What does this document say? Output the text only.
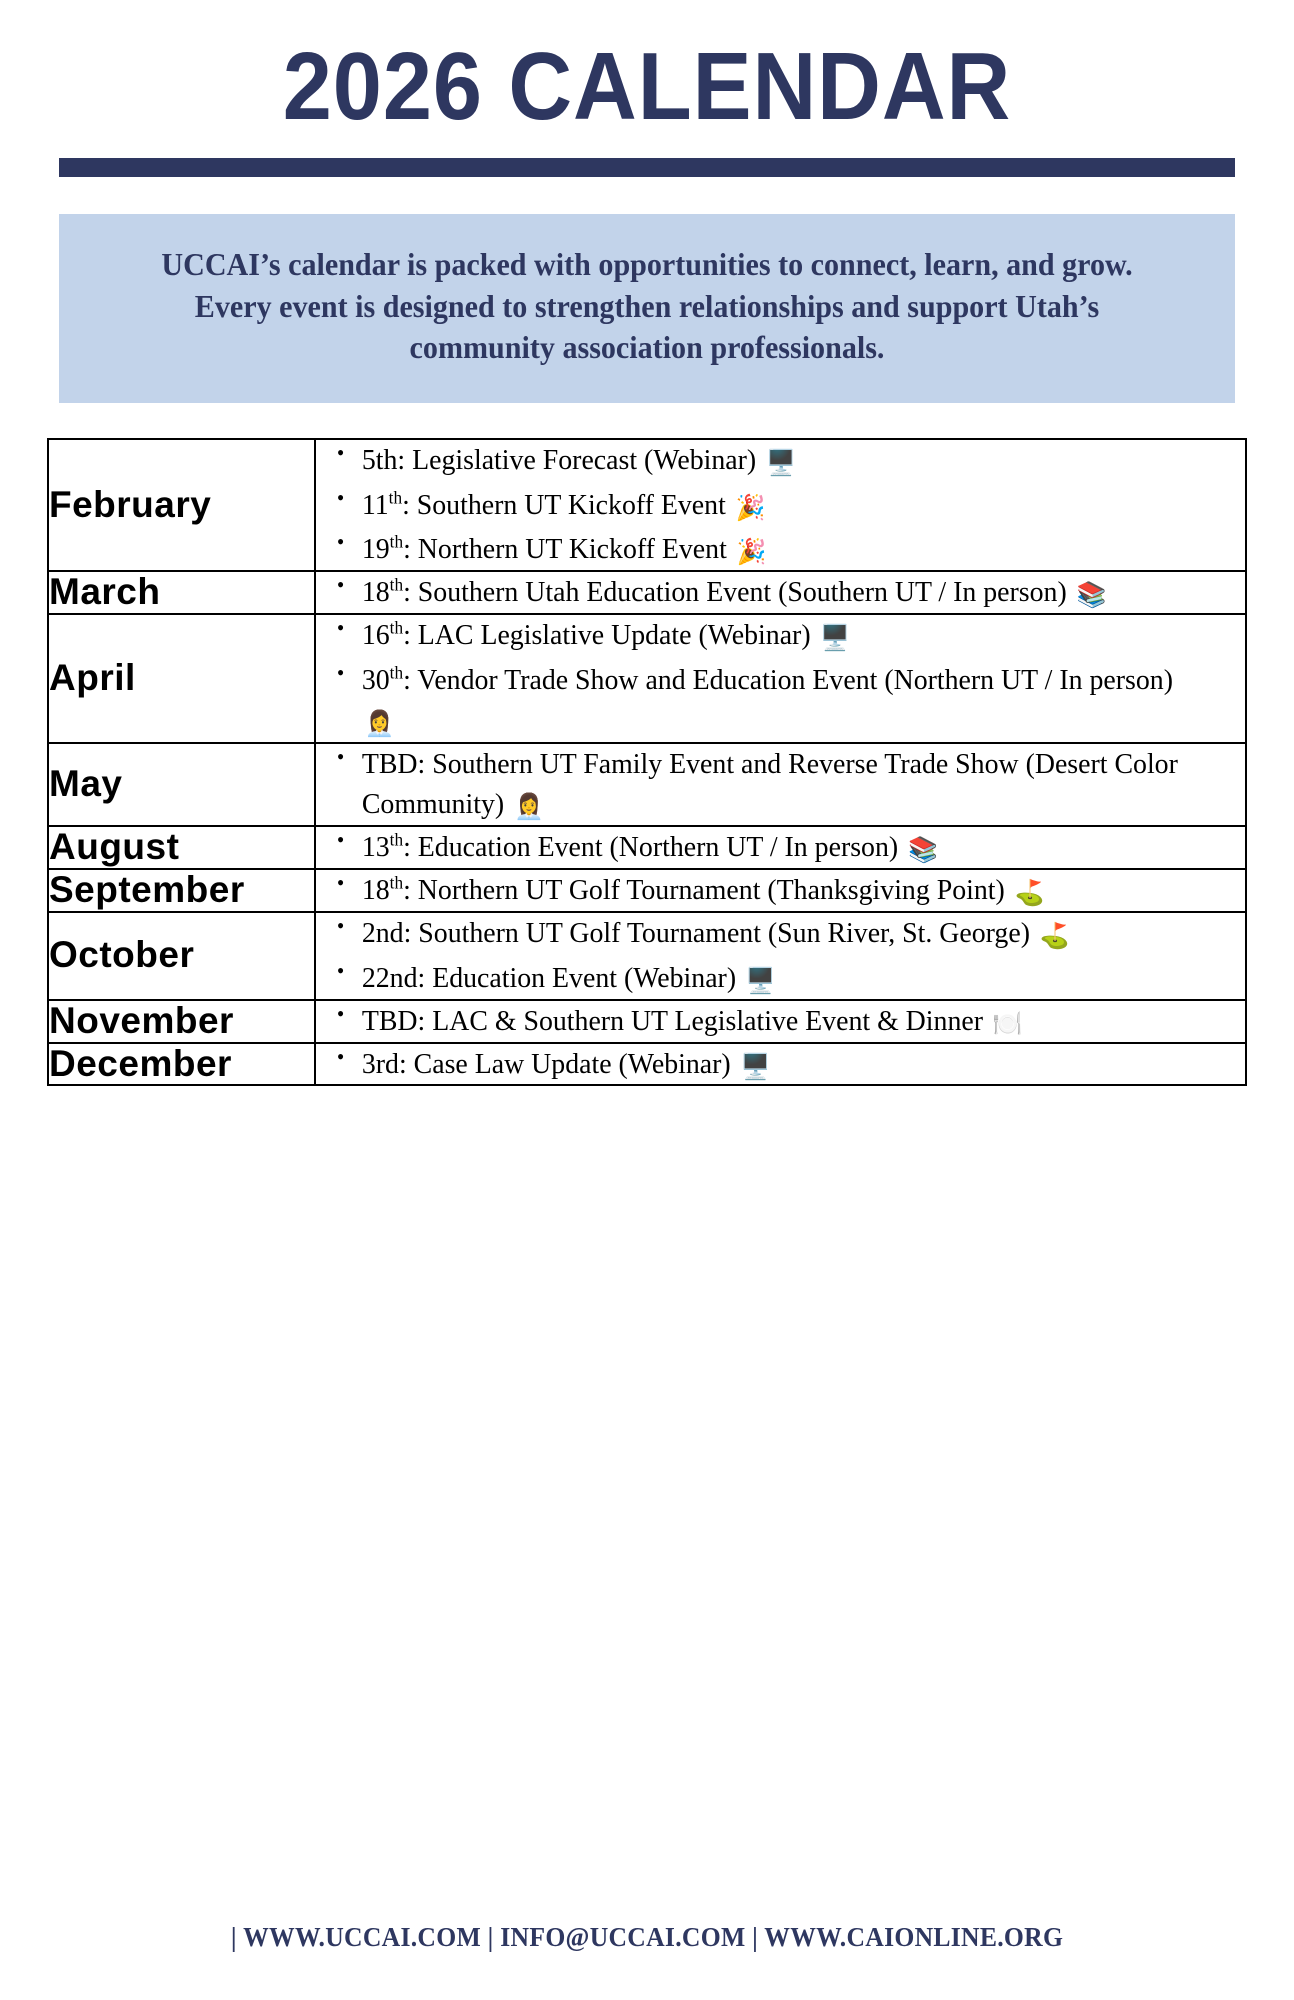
2026 CALENDAR

UCCAI’s calendar is packed with opportunities to connect, learn, and grow. Every event is designed to strengthen relationships and support Utah’s community association professionals.

February

• 5th: Legislative Forecast (Webinar) 🖥️
• 11th: Southern UT Kickoff Event 🎉
• 19th: Northern UT Kickoff Event 🎉

March

•18th: Southern Utah Education Event (Southern UT / In person) 📚

April

• 16th: LAC Legislative Update (Webinar) 🖥️
• 30th: Vendor Trade Show and Education Event (Northern UT / In person) 👩‍💼

May

•TBD: Southern UT Family Event and Reverse Trade Show (Desert Color Community) 👩‍💼

August

•13th: Education Event (Northern UT / In person) 📚

September

•18th: Northern UT Golf Tournament (Thanksgiving Point) ⛳

October

• 2nd: Southern UT Golf Tournament (Sun River, St. George) ⛳
• 22nd: Education Event (Webinar) 🖥️

November

•TBD: LAC & Southern UT Legislative Event & Dinner 🍽️

December

•3rd: Case Law Update (Webinar) 🖥️
| WWW.UCCAI.COM | INFO@UCCAI.COM | WWW.CAIONLINE.ORG
